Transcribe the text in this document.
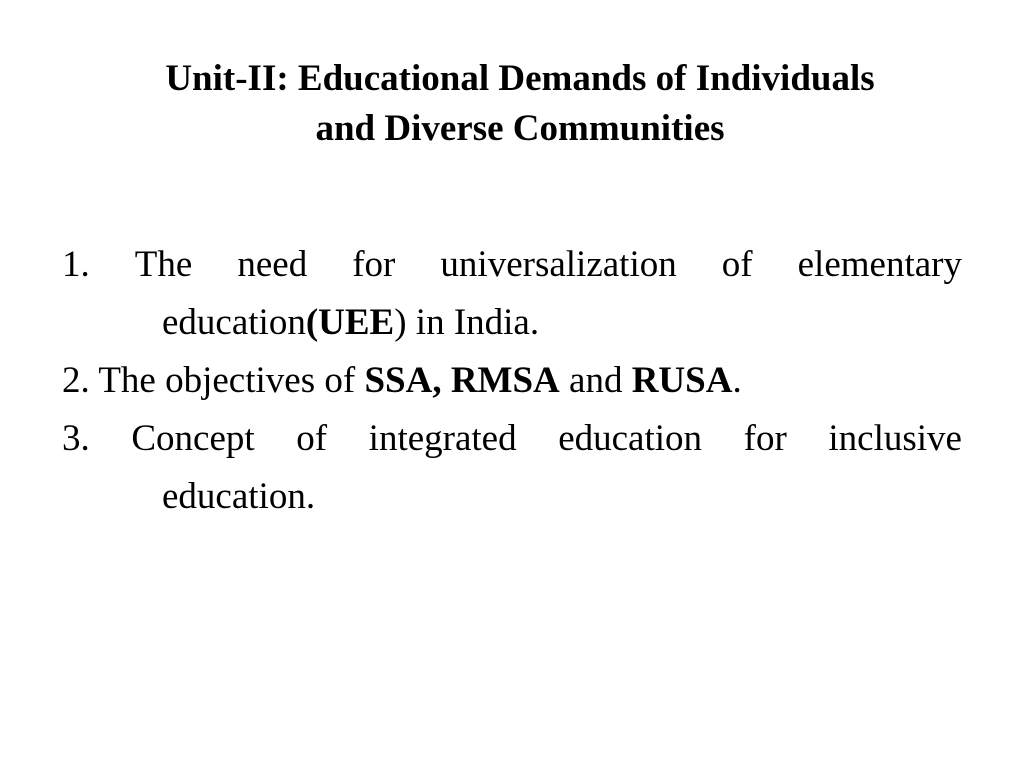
Unit-II: Educational Demands of Individuals
and Diverse Communities
1. The need for universalization of elementary
education(UEE) in India.
2. The objectives of SSA, RMSA and RUSA.
3. Concept of integrated education for inclusive
education.
